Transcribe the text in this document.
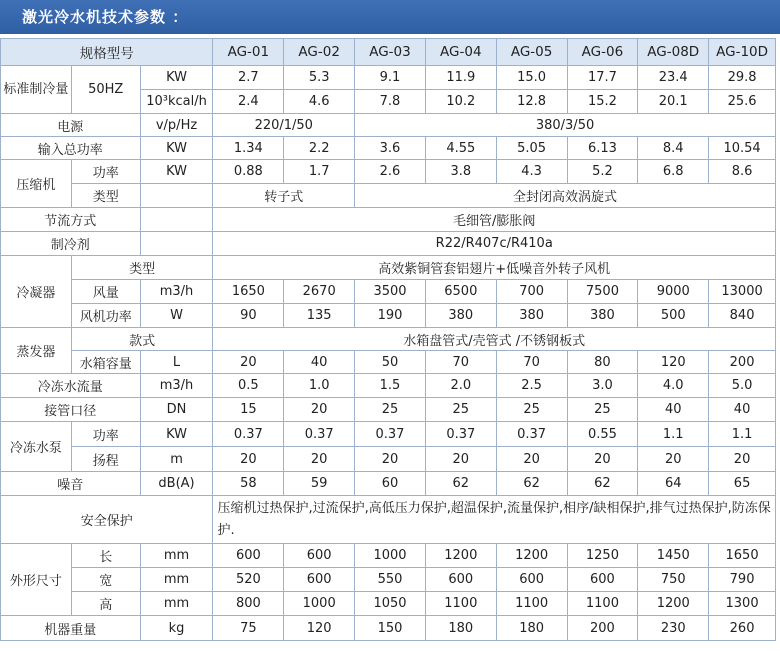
激光冷水机技术参数 ：
规格型号			AG-01	AG-02	AG-03	AG-04	AG-05	AG-06	AG-08D	AG-10D
标准制冷量	50HZ	KW	2.7	5.3	9.1	11.9	15.0	17.7	23.4	29.8
		10³kcal/h	2.4	4.6	7.8	10.2	12.8	15.2	20.1	25.6
电源		v/p/Hz	220/1/50		380/3/50					
输入总功率		KW	1.34	2.2	3.6	4.55	5.05	6.13	8.4	10.54
压缩机	功率	KW	0.88	1.7	2.6	3.8	4.3	5.2	6.8	8.6
	类型		转子式		全封闭高效涡旋式					
节流方式			毛细管/膨胀阀							
制冷剂			R22/R407c/R410a							
冷凝器	类型		高效紫铜管套铝翅片+低噪音外转子风机							
	风量	m3/h	1650	2670	3500	6500	700	7500	9000	13000
	风机功率	W	90	135	190	380	380	380	500	840
蒸发器	款式		水箱盘管式/壳管式 /不锈钢板式							
	水箱容量	L	20	40	50	70	70	80	120	200
冷冻水流量		m3/h	0.5	1.0	1.5	2.0	2.5	3.0	4.0	5.0
接管口径		DN	15	20	25	25	25	25	40	40
冷冻水泵	功率	KW	0.37	0.37	0.37	0.37	0.37	0.55	1.1	1.1
	扬程	m	20	20	20	20	20	20	20	20
噪音		dB(A)	58	59	60	62	62	62	64	65
安全保护			压缩机过热保护,过流保护,高低压力保护,超温保护,流量保护,相序/缺相保护,排气过热保护,防冻保护.							
外形尺寸	长	mm	600	600	1000	1200	1200	1250	1450	1650
	宽	mm	520	600	550	600	600	600	750	790
	高	mm	800	1000	1050	1100	1100	1100	1200	1300
机器重量		kg	75	120	150	180	180	200	230	260
